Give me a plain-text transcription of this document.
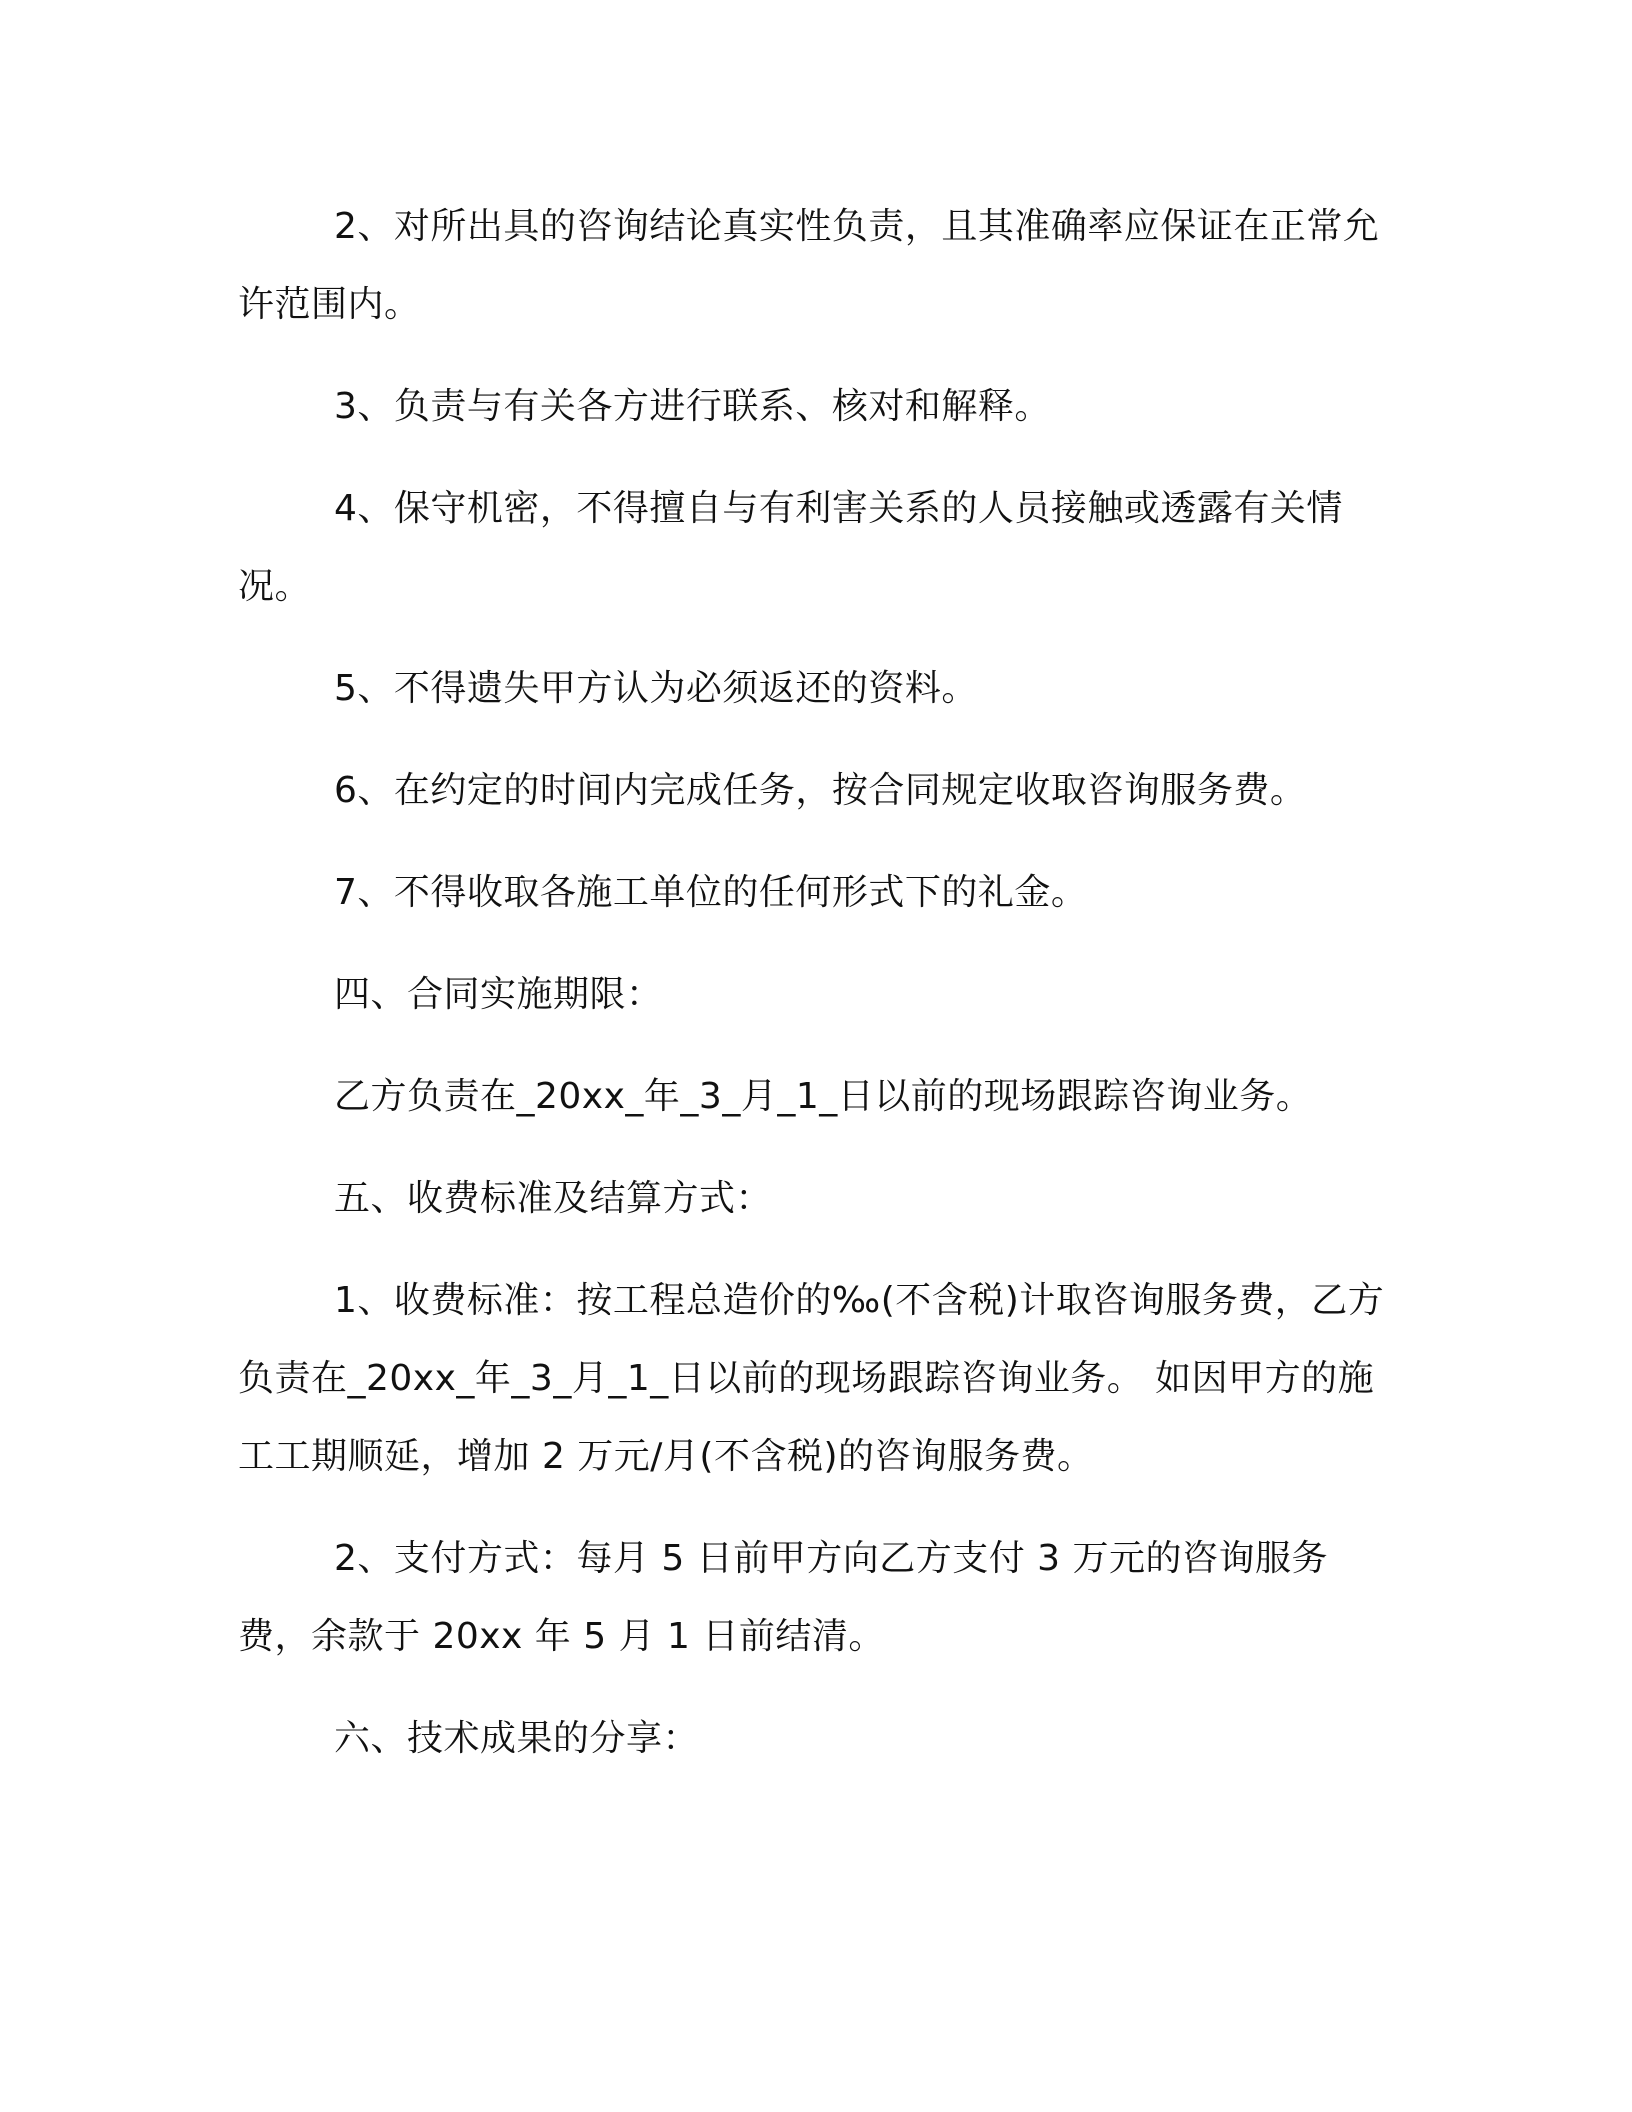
2、对所出具的咨询结论真实性负责，且其准确率应保证在正常允许范围内。

3、负责与有关各方进行联系、核对和解释。

4、保守机密，不得擅自与有利害关系的人员接触或透露有关情况。

5、不得遗失甲方认为必须返还的资料。

6、在约定的时间内完成任务，按合同规定收取咨询服务费。

7、不得收取各施工单位的任何形式下的礼金。

四、合同实施期限：

乙方负责在_20xx_年_3_月_1_日以前的现场跟踪咨询业务。

五、收费标准及结算方式：

1、收费标准：按工程总造价的‰(不含税)计取咨询服务费，乙方负责在_20xx_年_3_月_1_日以前的现场跟踪咨询业务。 如因甲方的施工工期顺延，增加 2 万元/月(不含税)的咨询服务费。

2、支付方式：每月 5 日前甲方向乙方支付 3 万元的咨询服务费，余款于 20xx 年 5 月 1 日前结清。

六、技术成果的分享：
